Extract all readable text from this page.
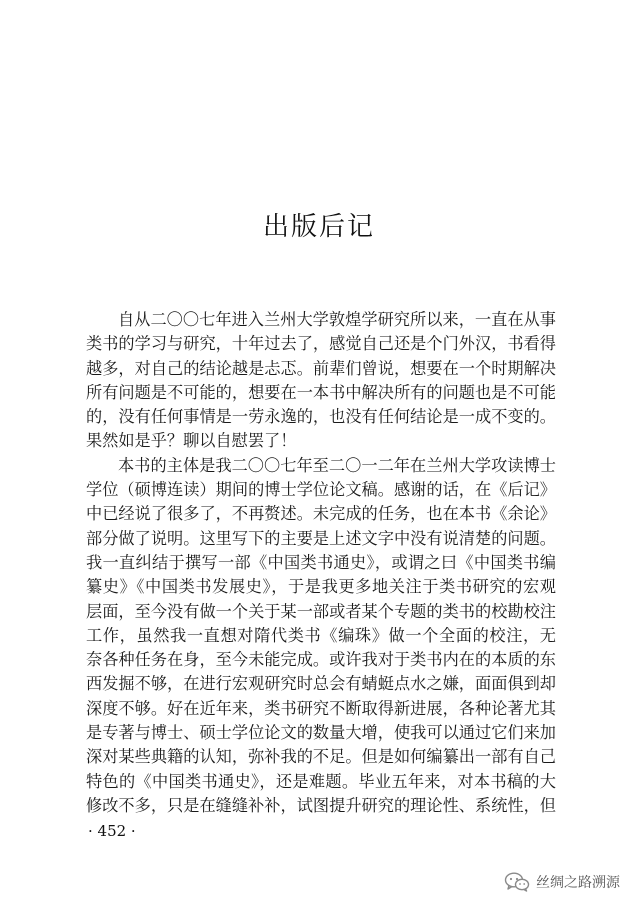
出版后记
自从二〇〇七年进入兰州大学敦煌学研究所以来，一直在从事
类书的学习与研究，十年过去了，感觉自己还是个门外汉，书看得
越多，对自己的结论越是忐忑。前辈们曾说，想要在一个时期解决
所有问题是不可能的，想要在一本书中解决所有的问题也是不可能
的，没有任何事情是一劳永逸的，也没有任何结论是一成不变的。
果然如是乎？聊以自慰罢了！
本书的主体是我二〇〇七年至二〇一二年在兰州大学攻读博士
学位（硕博连读）期间的博士学位论文稿。感谢的话，在《后记》
中已经说了很多了，不再赘述。未完成的任务，也在本书《余论》
部分做了说明。这里写下的主要是上述文字中没有说清楚的问题。
我一直纠结于撰写一部《中国类书通史》，或谓之曰《中国类书编
纂史》《中国类书发展史》，于是我更多地关注于类书研究的宏观
层面，至今没有做一个关于某一部或者某个专题的类书的校勘校注
工作，虽然我一直想对隋代类书《编珠》做一个全面的校注，无
奈各种任务在身，至今未能完成。或许我对于类书内在的本质的东
西发掘不够，在进行宏观研究时总会有蜻蜓点水之嫌，面面俱到却
深度不够。好在近年来，类书研究不断取得新进展，各种论著尤其
是专著与博士、硕士学位论文的数量大增，使我可以通过它们来加
深对某些典籍的认知，弥补我的不足。但是如何编纂出一部有自己
特色的《中国类书通史》，还是难题。毕业五年来，对本书稿的大
修改不多，只是在缝缝补补，试图提升研究的理论性、系统性，但
· 452 ·
丝绸之路溯源
